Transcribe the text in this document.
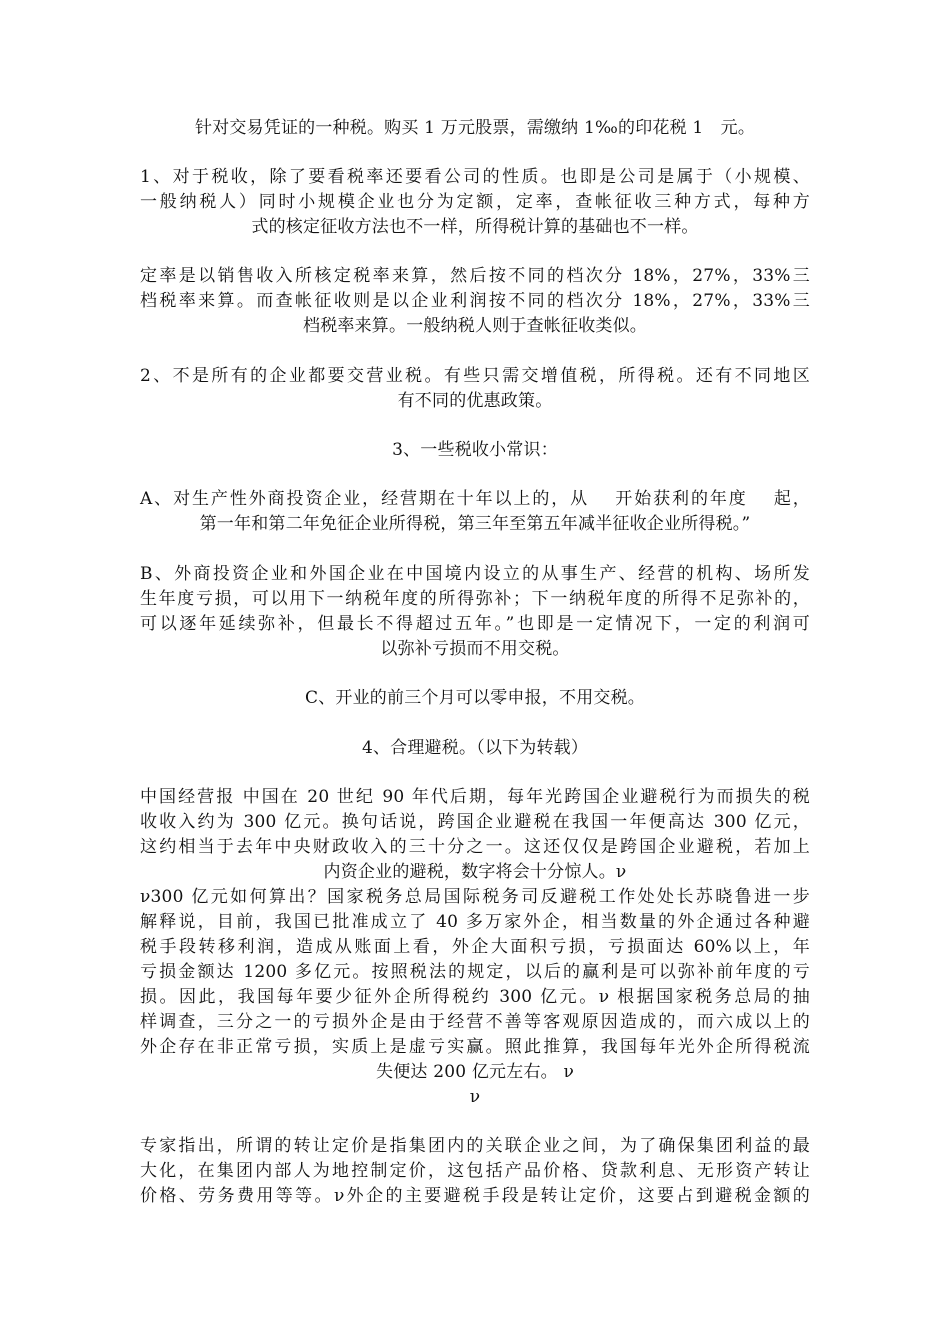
针对交易凭证的一种税。购买 1 万元股票，需缴纳 1‰的印花税 1　元。
1、对于税收，除了要看税率还要看公司的性质。也即是公司是属于（小规模、
一般纳税人）同时小规模企业也分为定额，定率，查帐征收三种方式，每种方
式的核定征收方法也不一样，所得税计算的基础也不一样。
定率是以销售收入所核定税率来算，然后按不同的档次分 18%，27%，33%三
档税率来算。而查帐征收则是以企业利润按不同的档次分 18%，27%，33%三
档税率来算。一般纳税人则于查帐征收类似。
2、不是所有的企业都要交营业税。有些只需交增值税，所得税。还有不同地区
有不同的优惠政策。
3、一些税收小常识：
A、对生产性外商投资企业，经营期在十年以上的，从　 开始获利的年度　 起，
第一年和第二年免征企业所得税，第三年至第五年减半征收企业所得税。”
B、外商投资企业和外国企业在中国境内设立的从事生产、经营的机构、场所发
生年度亏损，可以用下一纳税年度的所得弥补；下一纳税年度的所得不足弥补的，
可以逐年延续弥补，但最长不得超过五年。”也即是一定情况下，一定的利润可
以弥补亏损而不用交税。
C、开业的前三个月可以零申报，不用交税。
4、合理避税。（以下为转载）
中国经营报 中国在 20 世纪 90 年代后期，每年光跨国企业避税行为而损失的税
收收入约为 300 亿元。换句话说，跨国企业避税在我国一年便高达 300 亿元，
这约相当于去年中央财政收入的三十分之一。这还仅仅是跨国企业避税，若加上
内资企业的避税，数字将会十分惊人。ν
ν300 亿元如何算出？国家税务总局国际税务司反避税工作处处长苏晓鲁进一步
解释说，目前，我国已批准成立了 40 多万家外企，相当数量的外企通过各种避
税手段转移利润，造成从账面上看，外企大面积亏损，亏损面达 60%以上，年
亏损金额达 1200 多亿元。按照税法的规定，以后的赢利是可以弥补前年度的亏
损。因此，我国每年要少征外企所得税约 300 亿元。ν 根据国家税务总局的抽
样调查，三分之一的亏损外企是由于经营不善等客观原因造成的，而六成以上的
外企存在非正常亏损，实质上是虚亏实赢。照此推算，我国每年光外企所得税流
失便达 200 亿元左右。 ν
ν
专家指出，所谓的转让定价是指集团内的关联企业之间，为了确保集团利益的最
大化，在集团内部人为地控制定价，这包括产品价格、贷款利息、无形资产转让
价格、劳务费用等等。ν外企的主要避税手段是转让定价，这要占到避税金额的
